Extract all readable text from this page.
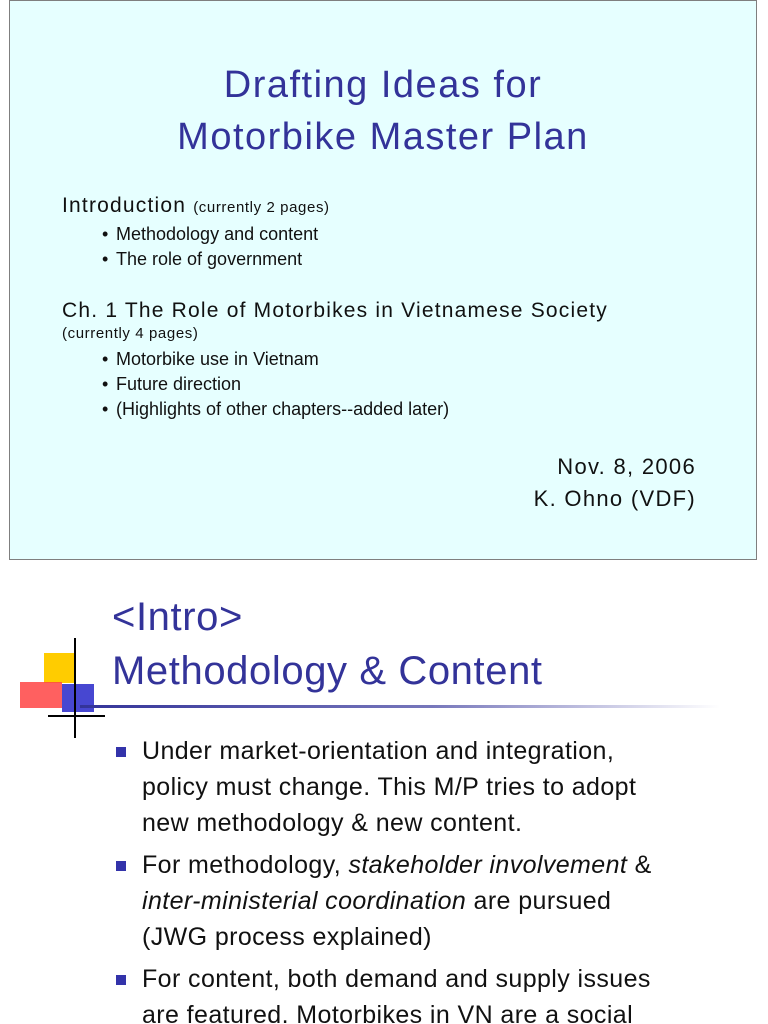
Drafting Ideas for
Motorbike Master Plan
Introduction (currently 2 pages)
• Methodology and content
• The role of government
Ch. 1 The Role of Motorbikes in Vietnamese Society
(currently 4 pages)
• Motorbike use in Vietnam
• Future direction
• (Highlights of other chapters--added later)
Nov. 8, 2006
K. Ohno (VDF)
<Intro>
Methodology & Content
Under market-orientation and integration,
policy must change. This M/P tries to adopt
new methodology & new content.
For methodology, stakeholder involvement &
inter-ministerial coordination are pursued
(JWG process explained)
For content, both demand and supply issues
are featured. Motorbikes in VN are a social
